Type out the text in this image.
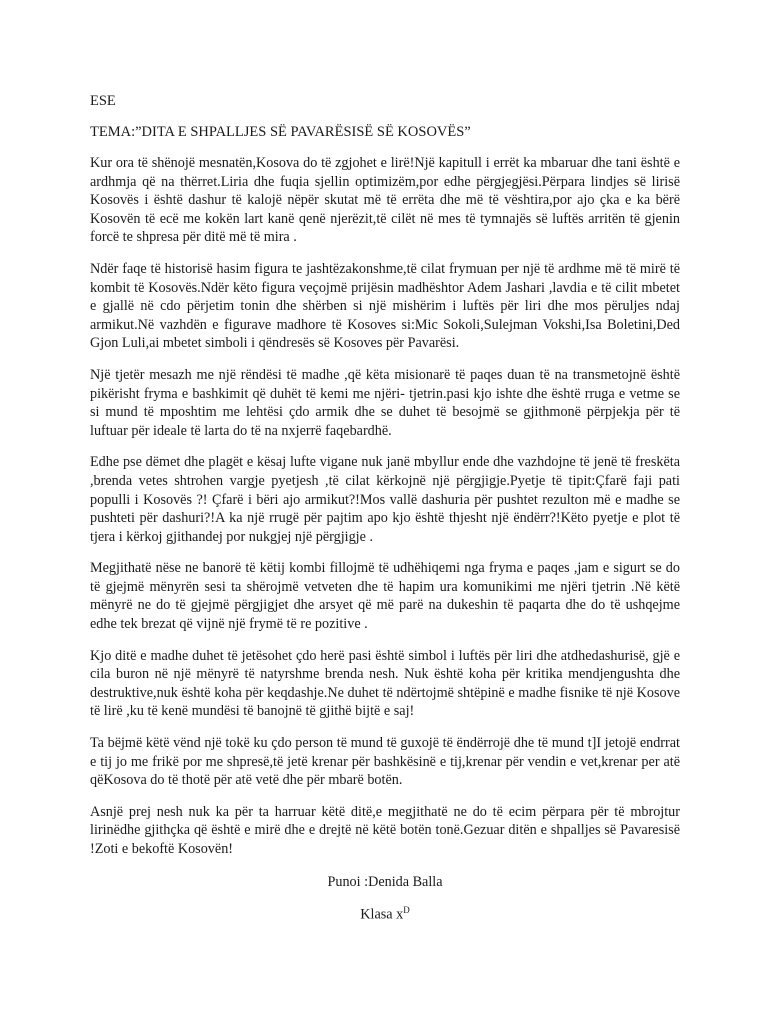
ESE
TEMA:”DITA E SHPALLJES SË PAVARËSISË SË KOSOVËS”

Kur ora të shënojë mesnatën,Kosova do të zgjohet e lirë!Një kapitull i errët ka mbaruar dhe tani është e ardhmja që na thërret.Liria dhe fuqia sjellin optimizëm,por edhe përgjegjësi.Përpara lindjes së lirisë Kosovës i është dashur të kalojë nëpër skutat më të errëta dhe më të vështira,por ajo çka e ka bërë Kosovën të ecë me kokën lart kanë qenë njerëzit,të cilët në mes të tymnajës së luftës arritën të gjenin forcë te shpresa për ditë më të mira .

Ndër faqe të historisë hasim figura te jashtëzakonshme,të cilat frymuan per një të ardhme më të mirë të kombit të Kosovës.Ndër këto figura veçojmë prijësin madhështor Adem Jashari ,lavdia e të cilit mbetet e gjallë në cdo përjetim tonin dhe shërben si një mishërim i luftës për liri dhe mos përuljes ndaj armikut.Në vazhdën e figurave madhore të Kosoves si:Mic Sokoli,Sulejman Vokshi,Isa Boletini,Ded Gjon Luli,ai mbetet simboli i qëndresës së Kosoves për Pavarësi.

Një tjetër mesazh me një rëndësi të madhe ,që këta misionarë të paqes duan të na transmetojnë është pikërisht fryma e bashkimit që duhët të kemi me njëri- tjetrin.pasi kjo ishte dhe është rruga e vetme se si mund të mposhtim me lehtësi çdo armik dhe se duhet të besojmë se gjithmonë përpjekja për të luftuar për ideale të larta do të na nxjerrë faqebardhë.

Edhe pse dëmet dhe plagët e kësaj lufte vigane nuk janë mbyllur ende dhe vazhdojne të jenë të freskëta ,brenda vetes shtrohen vargje pyetjesh ,të cilat kërkojnë një përgjigje.Pyetje të tipit:Çfarë faji pati populli i Kosovës ?! Çfarë i bëri ajo armikut?!Mos vallë dashuria për pushtet rezulton më e madhe se pushteti për dashuri?!A ka një rrugë për pajtim apo kjo është thjesht një ëndërr?!Këto pyetje e plot të tjera i kërkoj gjithandej por nukgjej një përgjigje .

Megjithatë nëse ne banorë të këtij kombi fillojmë të udhëhiqemi nga fryma e paqes ,jam e sigurt se do të gjejmë mënyrën sesi ta shërojmë vetveten dhe të hapim ura komunikimi me njëri tjetrin .Në këtë mënyrë ne do të gjejmë përgjigjet dhe arsyet që më parë na dukeshin të paqarta dhe do të ushqejme edhe tek brezat që vijnë një frymë të re pozitive .

Kjo ditë e madhe duhet të jetësohet çdo herë pasi është simbol i luftës për liri dhe atdhedashurisë, gjë e cila buron në një mënyrë të natyrshme brenda nesh. Nuk është koha për kritika mendjengushta dhe destruktive,nuk është koha për keqdashje.Ne duhet të ndërtojmë shtëpinë e madhe fisnike të një Kosove të lirë ,ku të kenë mundësi të banojnë të gjithë bijtë e saj!

Ta bëjmë këtë vënd një tokë ku çdo person të mund të guxojë të ëndërrojë dhe të mund t]I jetojë endrrat e tij jo me frikë por me shpresë,të jetë krenar për bashkësinë e tij,krenar për vendin e vet,krenar per atë qëKosova do të thotë për atë vetë dhe për mbarë botën.

Asnjë prej nesh nuk ka për ta harruar këtë ditë,e megjithatë ne do të ecim përpara për të mbrojtur lirinëdhe gjithçka që është e mirë dhe e drejtë në këtë botën tonë.Gezuar ditën e shpalljes së Pavaresisë !Zoti e bekoftë Kosovën!

Punoi :Denida Balla

Klasa $x^D$
